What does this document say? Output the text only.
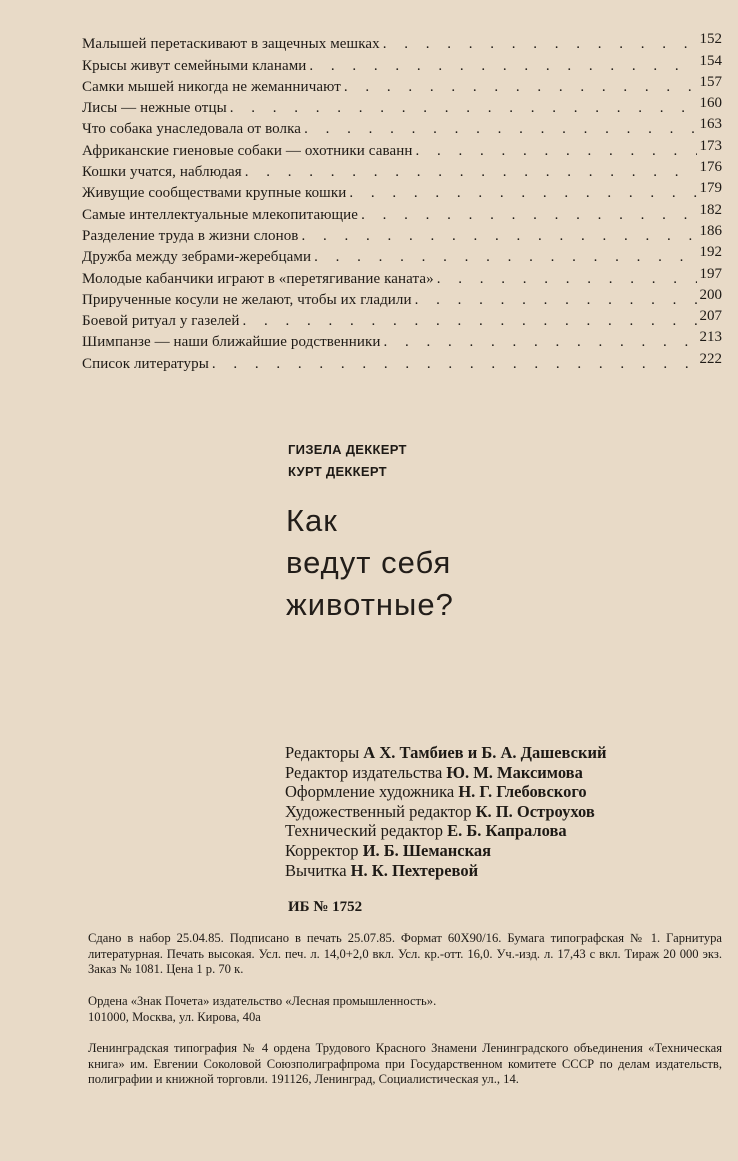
Малышей перетаскивают в защечных мешках . . .	152
Крысы живут семейными кланами . . .	154
Самки мышей никогда не жеманничают . . .	157
Лисы — нежные отцы . . .	160
Что собака унаследовала от волка . . .	163
Африканские гиеновые собаки — охотники саванн . . .	173
Кошки учатся, наблюдая . . .	176
Живущие сообществами крупные кошки . . .	179
Самые интеллектуальные млекопитающие . . .	182
Разделение труда в жизни слонов . . .	186
Дружба между зебрами-жеребцами . . .	192
Молодые кабанчики играют в «перетягивание каната» . . .	197
Прирученные косули не желают, чтобы их гладили . . .	200
Боевой ритуал у газелей . . .	207
Шимпанзе — наши ближайшие родственники . . .	213
Список литературы . . .	222
ГИЗЕЛА ДЕККЕРТ
КУРТ ДЕККЕРТ
Как
ведут себя
животные?
Редакторы А Х. Тамбиев и Б. А. Дашевский
Редактор издательства Ю. М. Максимова
Оформление художника Н. Г. Глебовского
Художественный редактор К. П. Остроухов
Технический редактор Е. Б. Капралова
Корректор И. Б. Шеманская
Вычитка Н. К. Пехтеревой
ИБ № 1752

Сдано в набор 25.04.85. Подписано в печать 25.07.85. Формат 60Х90/16. Бумага типографская № 1. Гарнитура литературная. Печать высокая. Усл. печ. л. 14,0+2,0 вкл. Усл. кр.-отт. 16,0. Уч.-изд. л. 17,43 с вкл. Тираж 20 000 экз. Заказ № 1081. Цена 1 р. 70 к.

Ордена «Знак Почета» издательство «Лесная промышленность».

101000, Москва, ул. Кирова, 40а

Ленинградская типография № 4 ордена Трудового Красного Знамени Ленинградского объединения «Техническая книга» им. Евгении Соколовой Союзполиграфпрома при Государственном комитете СССР по делам издательств, полиграфии и книжной торговли. 191126, Ленинград, Социалистическая ул., 14.
